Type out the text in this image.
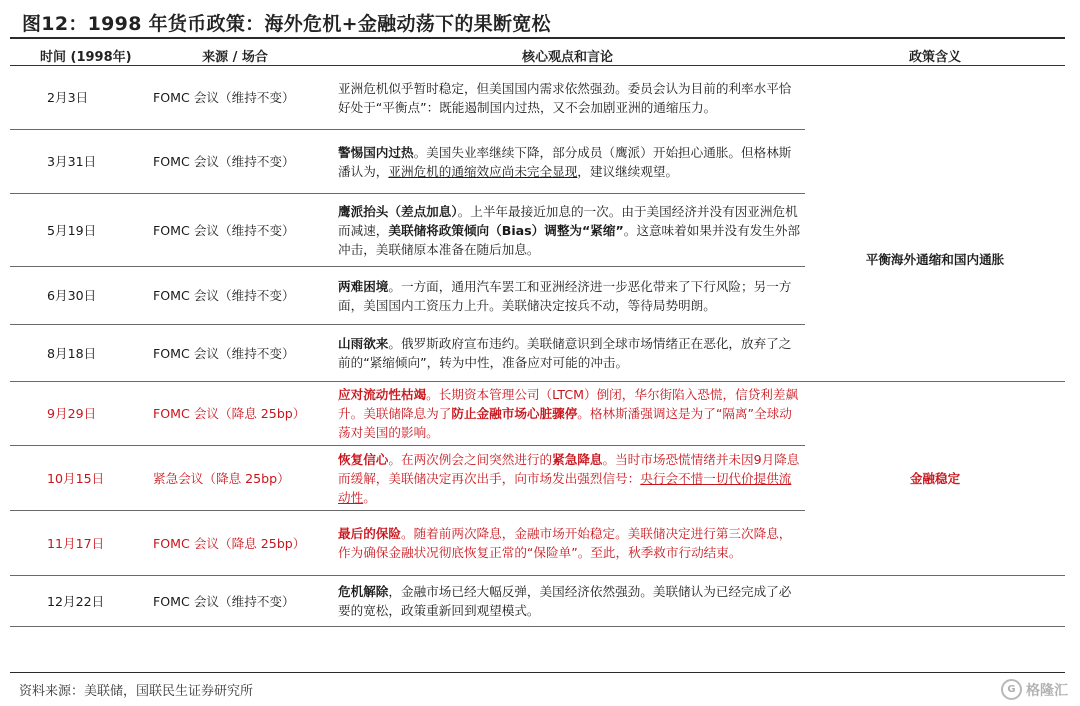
图12：1998 年货币政策：海外危机+金融动荡下的果断宽松
时间 (1998年)	来源 / 场合	核心观点和言论	政策含义
2月3日	FOMC 会议（维持不变）	亚洲危机似乎暂时稳定，但美国国内需求依然强劲。委员会认为目前的利率水平恰好处于“平衡点”：既能遏制国内过热，又不会加剧亚洲的通缩压力。	平衡海外通缩和国内通胀
3月31日	FOMC 会议（维持不变）	警惕国内过热。美国失业率继续下降，部分成员（鹰派）开始担心通胀。但格林斯潘认为，亚洲危机的通缩效应尚未完全显现，建议继续观望。	
5月19日	FOMC 会议（维持不变）	鹰派抬头（差点加息）。上半年最接近加息的一次。由于美国经济并没有因亚洲危机而减速，美联储将政策倾向（Bias）调整为“紧缩”。这意味着如果并没有发生外部冲击，美联储原本准备在随后加息。	
6月30日	FOMC 会议（维持不变）	两难困境。一方面，通用汽车罢工和亚洲经济进一步恶化带来了下行风险；另一方面，美国国内工资压力上升。美联储决定按兵不动，等待局势明朗。	
8月18日	FOMC 会议（维持不变）	山雨欲来。俄罗斯政府宣布违约。美联储意识到全球市场情绪正在恶化，放弃了之前的“紧缩倾向”，转为中性，准备应对可能的冲击。	
9月29日	FOMC 会议（降息 25bp）	应对流动性枯竭。长期资本管理公司（LTCM）倒闭，华尔街陷入恐慌，信贷利差飙升。美联储降息为了防止金融市场心脏骤停。格林斯潘强调这是为了“隔离”全球动荡对美国的影响。	金融稳定
10月15日	紧急会议（降息 25bp）	恢复信心。在两次例会之间突然进行的紧急降息。当时市场恐慌情绪并未因9月降息而缓解，美联储决定再次出手，向市场发出强烈信号：央行会不惜一切代价提供流动性。	
11月17日	FOMC 会议（降息 25bp）	最后的保险。随着前两次降息，金融市场开始稳定。美联储决定进行第三次降息，作为确保金融状况彻底恢复正常的“保险单”。至此，秋季救市行动结束。	
12月22日	FOMC 会议（维持不变）	危机解除，金融市场已经大幅反弹，美国经济依然强劲。美联储认为已经完成了必要的宽松，政策重新回到观望模式。	
资料来源：美联储，国联民生证券研究所	G 格隆汇
